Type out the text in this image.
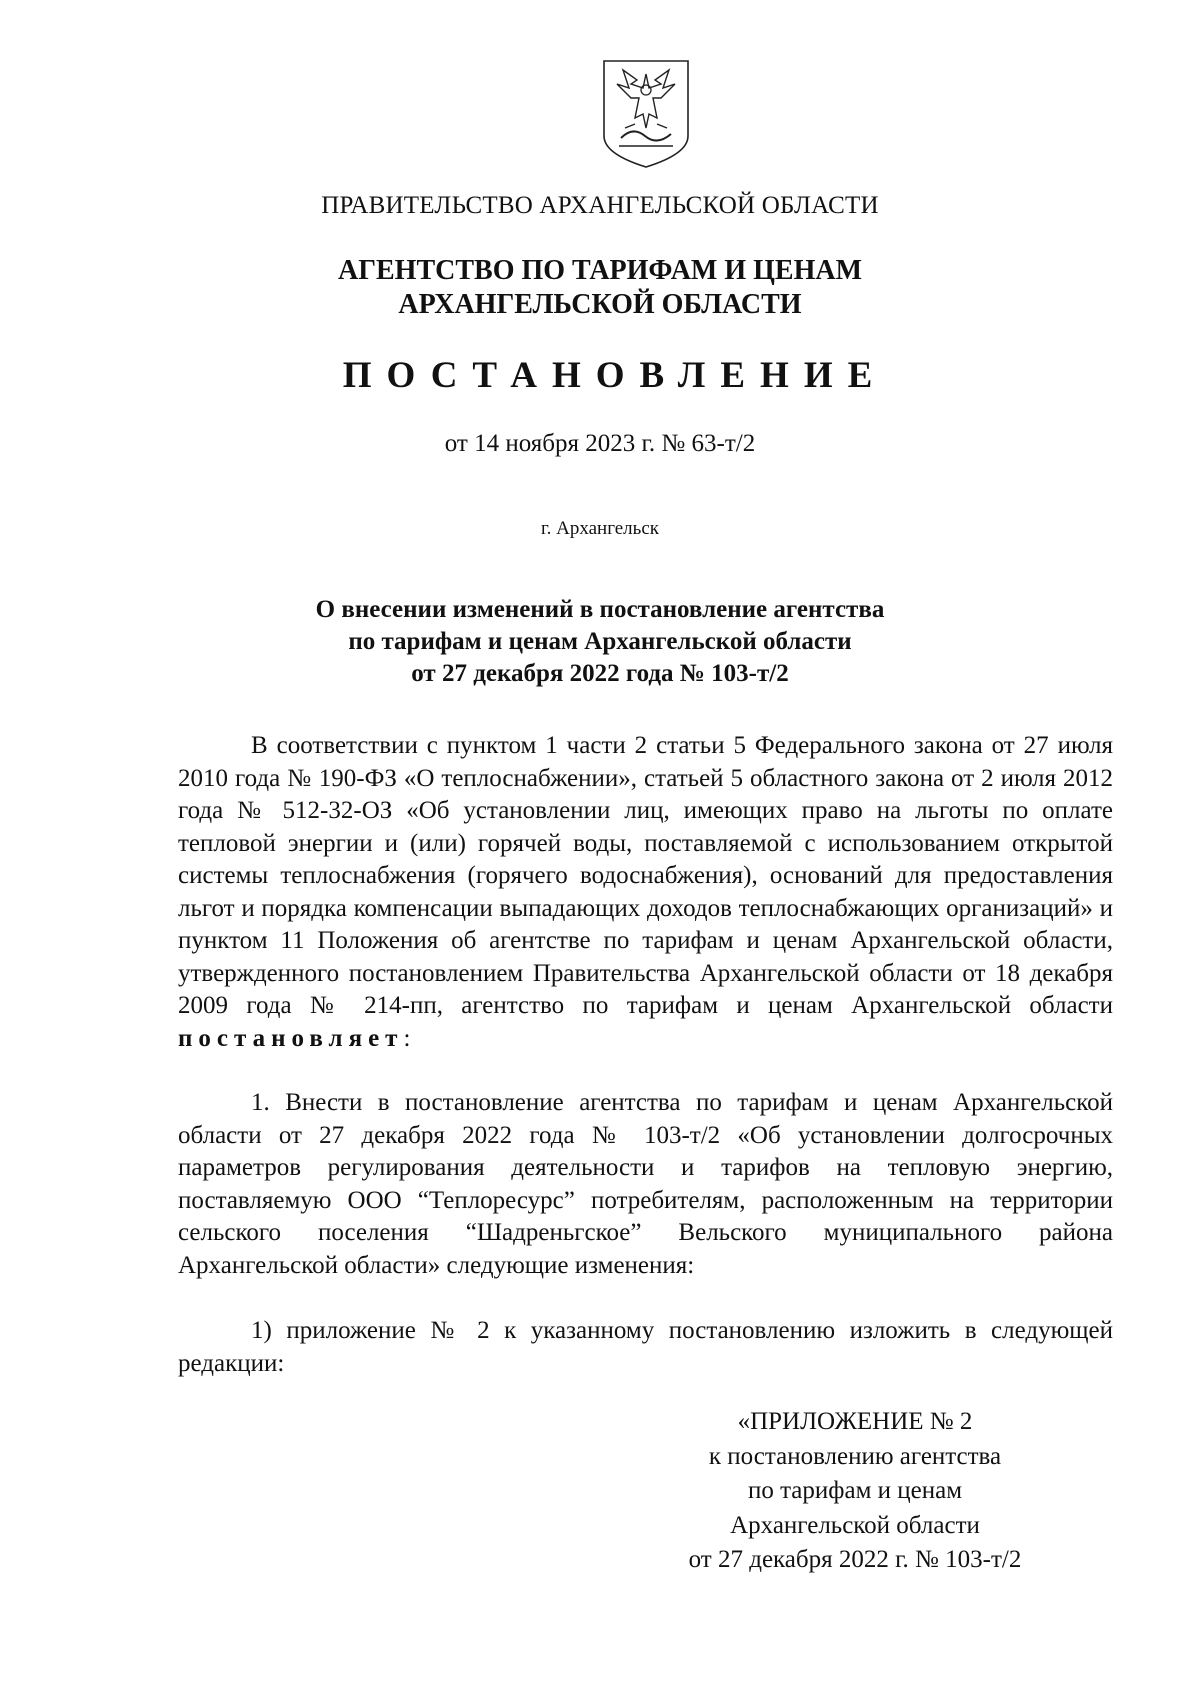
ПРАВИТЕЛЬСТВО АРХАНГЕЛЬСКОЙ ОБЛАСТИ
АГЕНТСТВО ПО ТАРИФАМ И ЦЕНАМ
АРХАНГЕЛЬСКОЙ ОБЛАСТИ
ПОСТАНОВЛЕНИЕ
от 14 ноября 2023 г. № 63-т/2
г. Архангельск
О внесении изменений в постановление агентства
по тарифам и ценам Архангельской области
от 27 декабря 2022 года № 103-т/2
В соответствии с пунктом 1 части 2 статьи 5 Федерального закона от 27 июля 2010 года № 190-ФЗ «О теплоснабжении», статьей 5 областного закона от 2 июля 2012 года № 512-32-ОЗ «Об установлении лиц, имеющих право на льготы по оплате тепловой энергии и (или) горячей воды, поставляемой с использованием открытой системы теплоснабжения (горячего водоснабжения), оснований для предоставления льгот и порядка компенсации выпадающих доходов теплоснабжающих организаций» и пунктом 11 Положения об агентстве по тарифам и ценам Архангельской области, утвержденного постановлением Правительства Архангельской области от 18 декабря 2009 года № 214-пп, агентство по тарифам и ценам Архангельской области постановляет:
1. Внести в постановление агентства по тарифам и ценам Архангельской области от 27 декабря 2022 года № 103-т/2 «Об установлении долгосрочных параметров регулирования деятельности и тарифов на тепловую энергию, поставляемую ООО “Теплоресурс” потребителям, расположенным на территории сельского поселения “Шадреньгское” Вельского муниципального района Архангельской области» следующие изменения:
1) приложение № 2 к указанному постановлению изложить в следующей редакции:
«ПРИЛОЖЕНИЕ № 2
к постановлению агентства
по тарифам и ценам
Архангельской области
от 27 декабря 2022 г. № 103-т/2
